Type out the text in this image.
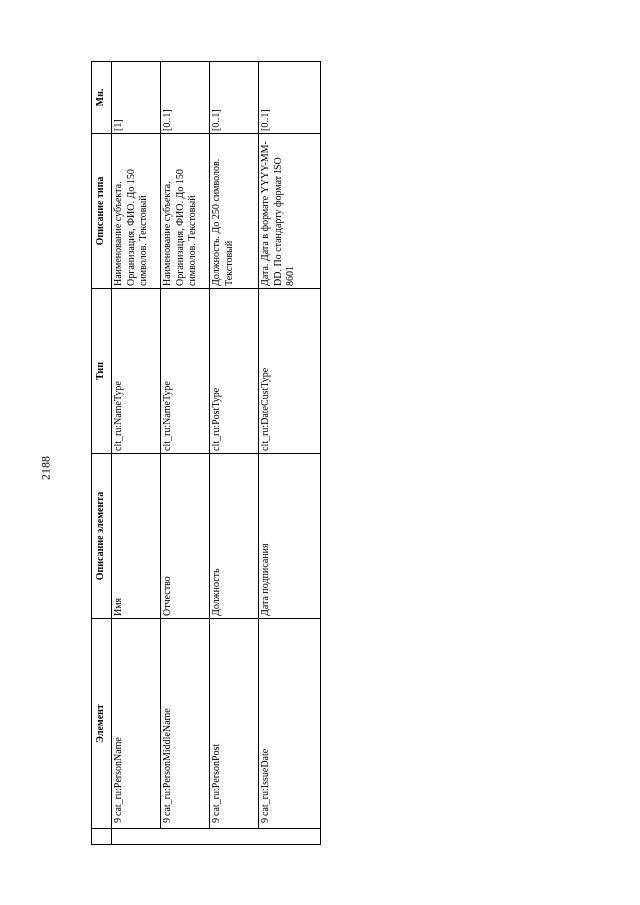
2188
	Элемент	Описание элемента	Тип	Описание типа	Мн.
	9cat_ru:PersonName	Имя	clt_ru:NameType	Наименование субъекта. Организация, ФИО. До 150 символов. Текстовый	[1]
	9cat_ru:PersonMiddleName	Отчество	clt_ru:NameType	Наименование субъекта. Организация, ФИО. До 150 символов. Текстовый	[0..1]
	9cat_ru:PersonPost	Должность	clt_ru:PostType	Должность. До 250 символов. Текстовый	[0..1]
	9cat_ru:IssueDate	Дата подписания	clt_ru:DateCustType	Дата. Дата в формате YYYY-MM-DD. По стандарту формат ISO 8601	[0..1]
